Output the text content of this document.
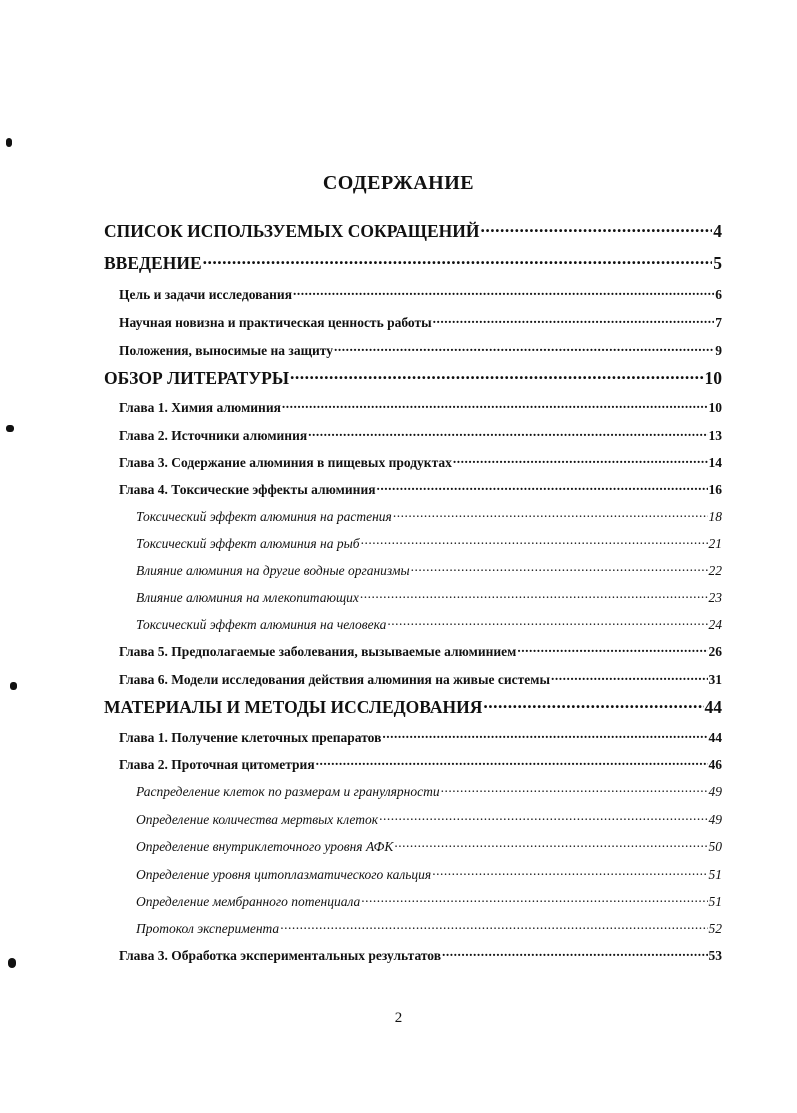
СОДЕРЖАНИЕ
СПИСОК ИСПОЛЬЗУЕМЫХ СОКРАЩЕНИЙ .....	4
ВВЕДЕНИЕ .....	5
Цель и задачи исследования .....	6
Научная новизна и практическая ценность работы .....	7
Положения, выносимые на защиту .....	9
ОБЗОР ЛИТЕРАТУРЫ .....	10
Глава 1. Химия алюминия .....	10
Глава 2. Источники алюминия .....	13
Глава 3. Содержание алюминия в пищевых продуктах .....	14
Глава 4. Токсические эффекты алюминия .....	16
Токсический эффект алюминия на растения .....	18
Токсический эффект алюминия на рыб .....	21
Влияние алюминия на другие водные организмы .....	22
Влияние алюминия на млекопитающих .....	23
Токсический эффект алюминия на человека .....	24
Глава 5. Предполагаемые заболевания, вызываемые алюминием .....	26
Глава 6. Модели исследования действия алюминия на живые системы .....	31
МАТЕРИАЛЫ И МЕТОДЫ ИССЛЕДОВАНИЯ .....	44
Глава 1. Получение клеточных препаратов .....	44
Глава 2. Проточная цитометрия .....	46
Распределение клеток по размерам и гранулярности .....	49
Определение количества мертвых клеток .....	49
Определение внутриклеточного уровня АФК .....	50
Определение уровня цитоплазматического кальция .....	51
Определение мембранного потенциала .....	51
Протокол эксперимента .....	52
Глава 3. Обработка экспериментальных результатов .....	53
2
